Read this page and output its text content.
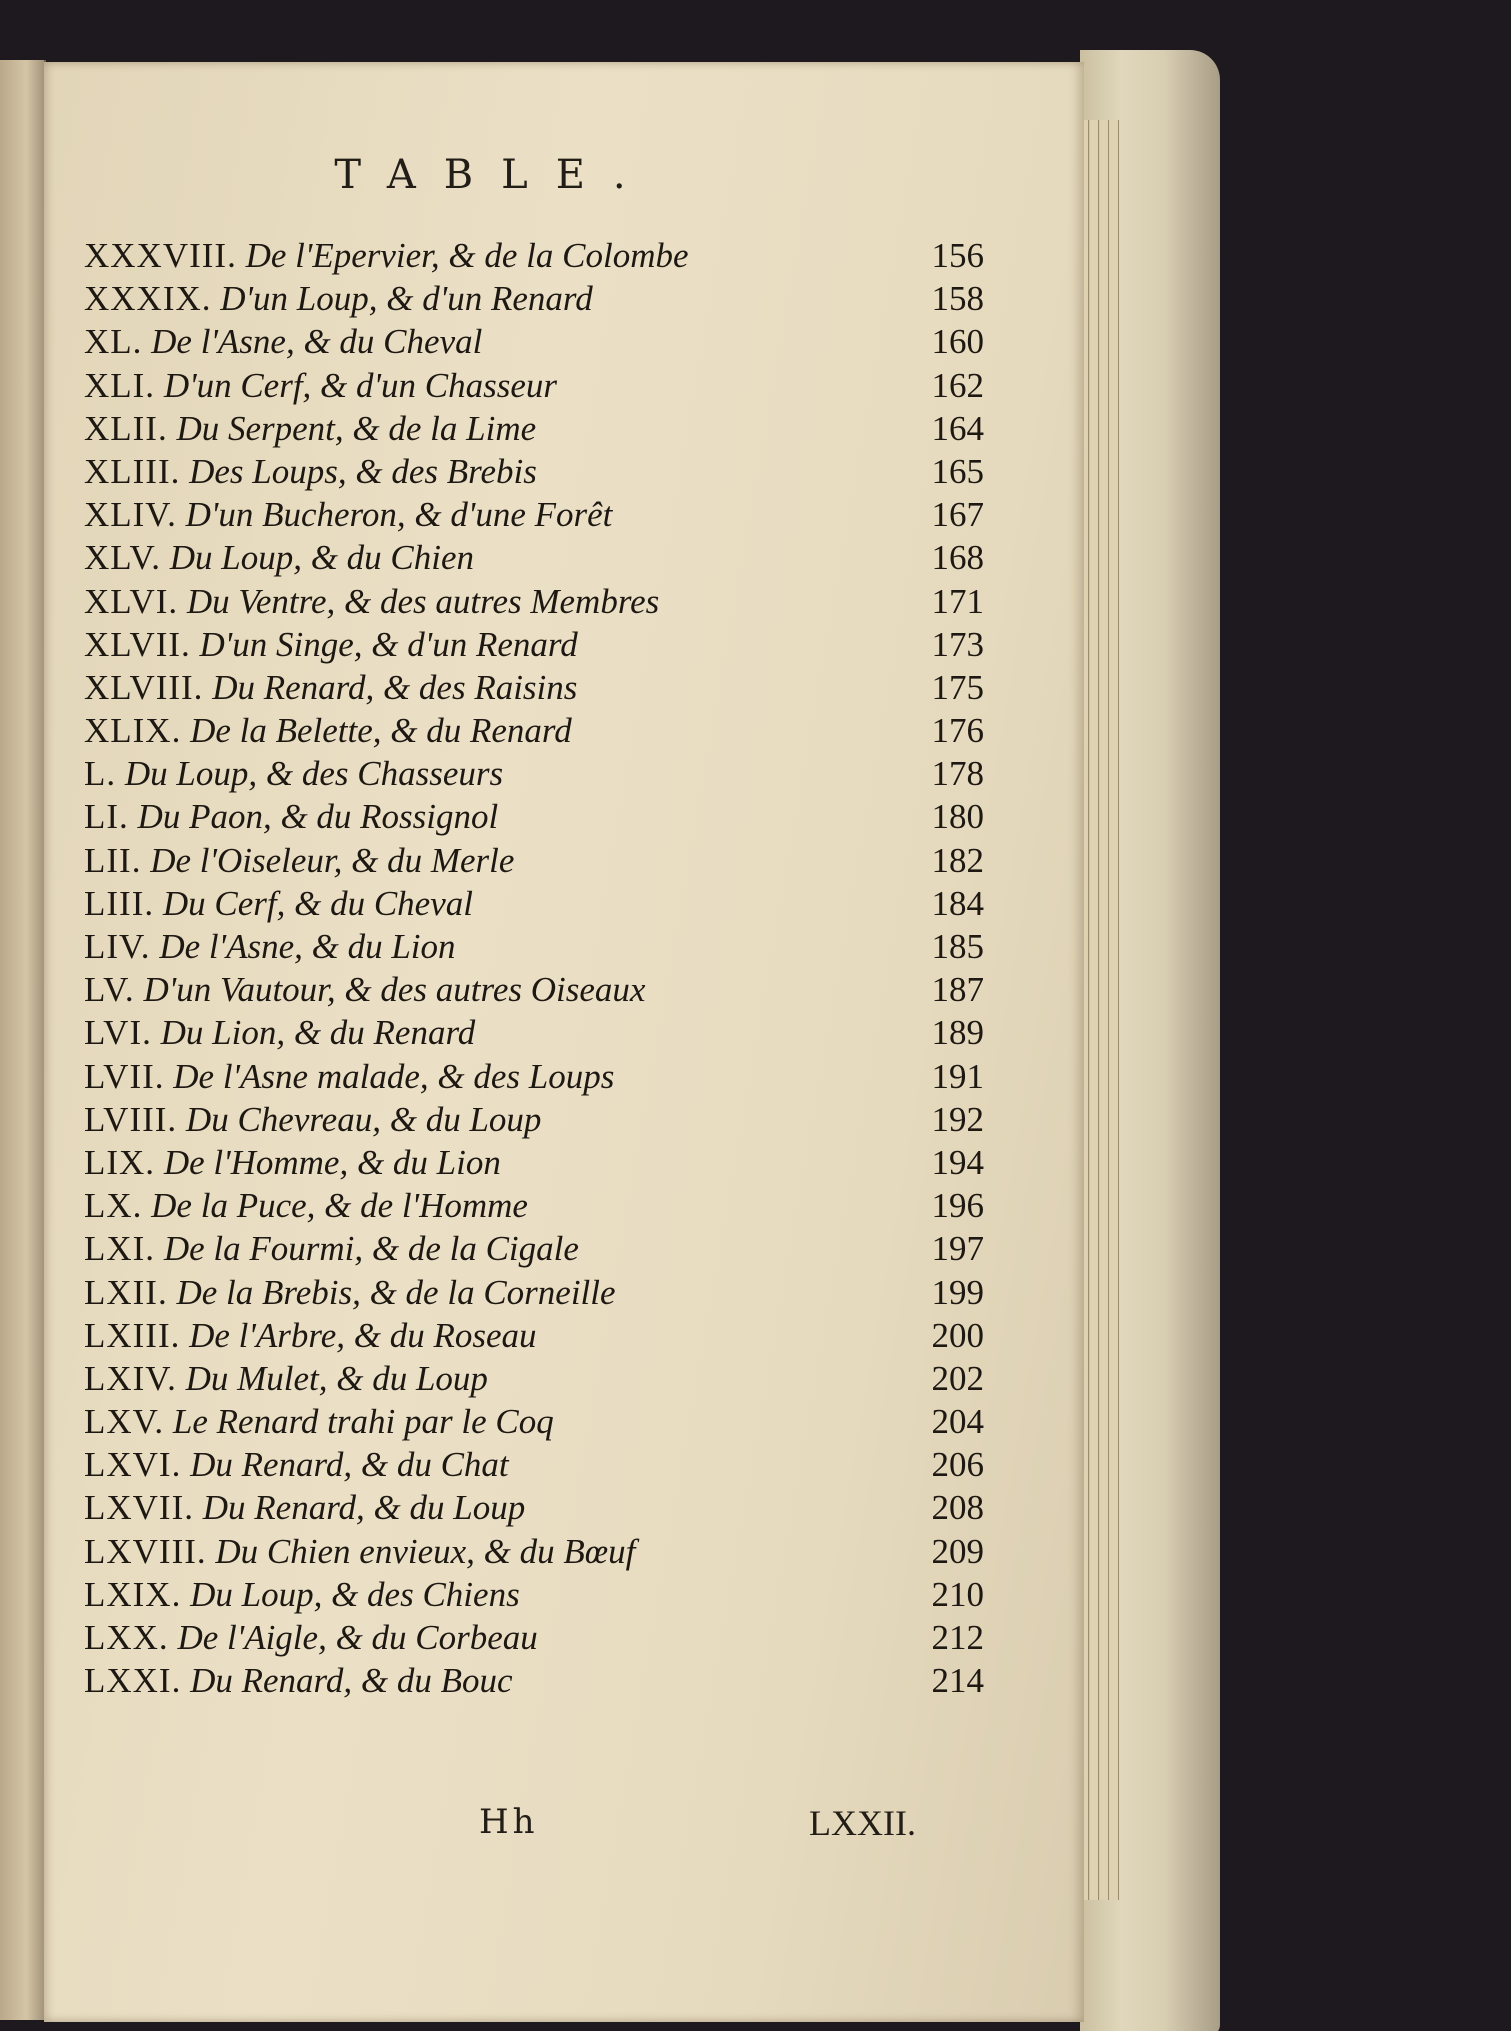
TABLE.
XXXVIII. De l'Epervier, & de la Colombe	156
XXXIX. D'un Loup, & d'un Renard	158
XL. De l'Asne, & du Cheval	160
XLI. D'un Cerf, & d'un Chasseur	162
XLII. Du Serpent, & de la Lime	164
XLIII. Des Loups, & des Brebis	165
XLIV. D'un Bucheron, & d'une Forêt	167
XLV. Du Loup, & du Chien	168
XLVI. Du Ventre, & des autres Membres	171
XLVII. D'un Singe, & d'un Renard	173
XLVIII. Du Renard, & des Raisins	175
XLIX. De la Belette, & du Renard	176
L. Du Loup, & des Chasseurs	178
LI. Du Paon, & du Rossignol	180
LII. De l'Oiseleur, & du Merle	182
LIII. Du Cerf, & du Cheval	184
LIV. De l'Asne, & du Lion	185
LV. D'un Vautour, & des autres Oiseaux	187
LVI. Du Lion, & du Renard	189
LVII. De l'Asne malade, & des Loups	191
LVIII. Du Chevreau, & du Loup	192
LIX. De l'Homme, & du Lion	194
LX. De la Puce, & de l'Homme	196
LXI. De la Fourmi, & de la Cigale	197
LXII. De la Brebis, & de la Corneille	199
LXIII. De l'Arbre, & du Roseau	200
LXIV. Du Mulet, & du Loup	202
LXV. Le Renard trahi par le Coq	204
LXVI. Du Renard, & du Chat	206
LXVII. Du Renard, & du Loup	208
LXVIII. Du Chien envieux, & du Bœuf	209
LXIX. Du Loup, & des Chiens	210
LXX. De l'Aigle, & du Corbeau	212
LXXI. Du Renard, & du Bouc	214
Hh	LXXII.
